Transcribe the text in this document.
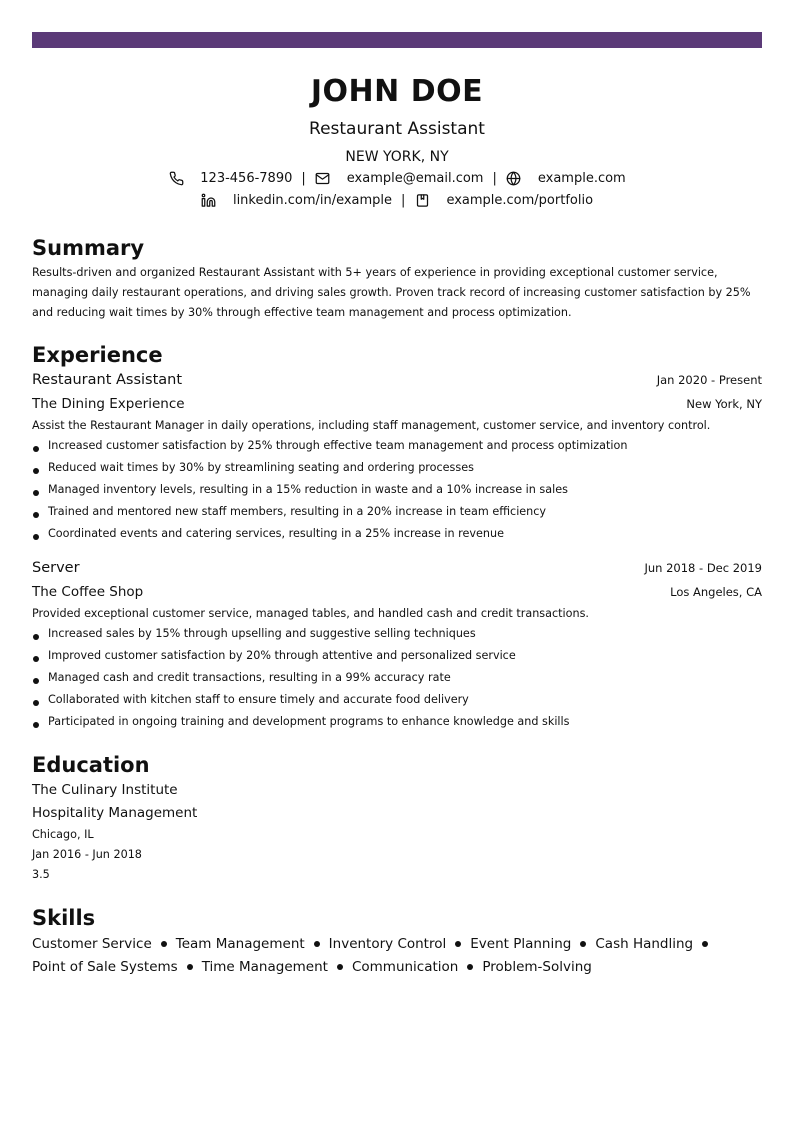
JOHN DOE
Restaurant Assistant
NEW YORK, NY
123-456-7890 |	example@email.com |	example.com
linkedin.com/in/example |	example.com/portfolio
Summary
Results-driven and organized Restaurant Assistant with 5+ years of experience in providing exceptional customer service, managing daily restaurant operations, and driving sales growth. Proven track record of increasing customer satisfaction by 25% and reducing wait times by 30% through effective team management and process optimization.
Experience
Restaurant Assistant	Jan 2020 - Present
The Dining Experience	New York, NY
Assist the Restaurant Manager in daily operations, including staff management, customer service, and inventory control.
Increased customer satisfaction by 25% through effective team management and process optimization
Reduced wait times by 30% by streamlining seating and ordering processes
Managed inventory levels, resulting in a 15% reduction in waste and a 10% increase in sales
Trained and mentored new staff members, resulting in a 20% increase in team efficiency
Coordinated events and catering services, resulting in a 25% increase in revenue
Server	Jun 2018 - Dec 2019
The Coffee Shop	Los Angeles, CA
Provided exceptional customer service, managed tables, and handled cash and credit transactions.
Increased sales by 15% through upselling and suggestive selling techniques
Improved customer satisfaction by 20% through attentive and personalized service
Managed cash and credit transactions, resulting in a 99% accuracy rate
Collaborated with kitchen staff to ensure timely and accurate food delivery
Participated in ongoing training and development programs to enhance knowledge and skills
Education
The Culinary Institute
Hospitality Management
Chicago, IL
Jan 2016 - Jun 2018
3.5
Skills
Customer Service Team Management Inventory Control Event Planning Cash Handling
Point of Sale Systems Time Management Communication Problem-Solving
